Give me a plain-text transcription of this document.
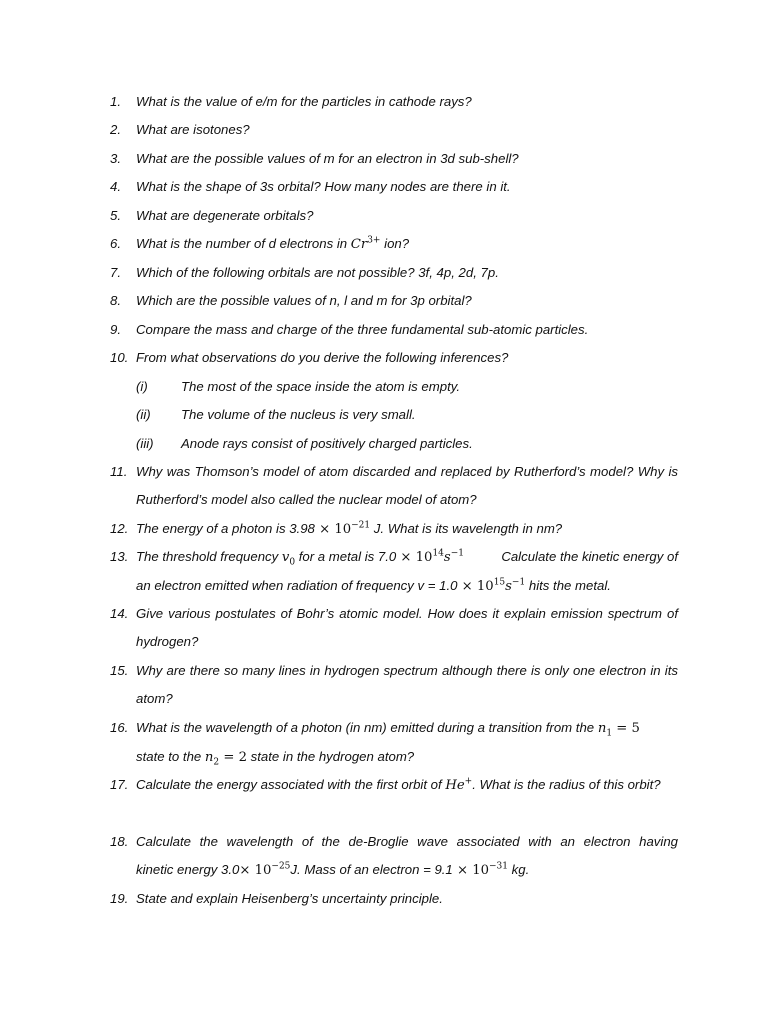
1.	What is the value of e/m for the particles in cathode rays?
2.	What are isotones?
3.	What are the possible values of m for an electron in 3d sub-shell?
4.	What is the shape of 3s orbital? How many nodes are there in it.
5.	What are degenerate orbitals?
6.	What is the number of d electrons in $Cr^{3+}$ ion?
7.	Which of the following orbitals are not possible? 3f, 4p, 2d, 7p.
8.	Which are the possible values of n, l and m for 3p orbital?
9.	Compare the mass and charge of the three fundamental sub-atomic particles.
10. From what observations do you derive the following inferences?
(i)	The most of the space inside the atom is empty.
(ii) The volume of the nucleus is very small.
(iii) Anode rays consist of positively charged particles.
11. Why was Thomson’s model of atom discarded and replaced by Rutherford’s model? Why is Rutherford’s model also called the nuclear model of atom?
12. The energy of a photon is $3.98 \times 10^{-21}$ J. What is its wavelength in nm?
13. The threshold frequency $v_0$ for a metal is $7.0 \times 10^{14}s^{-1}$	Calculate the kinetic energy of
an electron emitted when radiation of frequency $v = 1.0 \times 10^{15}s^{-1}$ hits the metal.
14. Give various postulates of Bohr’s atomic model. How does it explain emission spectrum of hydrogen?
15. Why are there so many lines in hydrogen spectrum although there is only one electron in its atom?
16. What is the wavelength of a photon (in nm) emitted during a transition from the $n_1 = 5$
state to the $n_2 = 2$ state in the hydrogen atom?
17. Calculate the energy associated with the first orbit of He+. What is the radius of this orbit?
18. Calculate the wavelength of the de-Broglie wave associated with an electron having
kinetic energy $3.0\times 10^{-25}J$. Mass of an electron = $9.1 \times 10^{-31}$ kg.
19. State and explain Heisenberg’s uncertainty principle.
